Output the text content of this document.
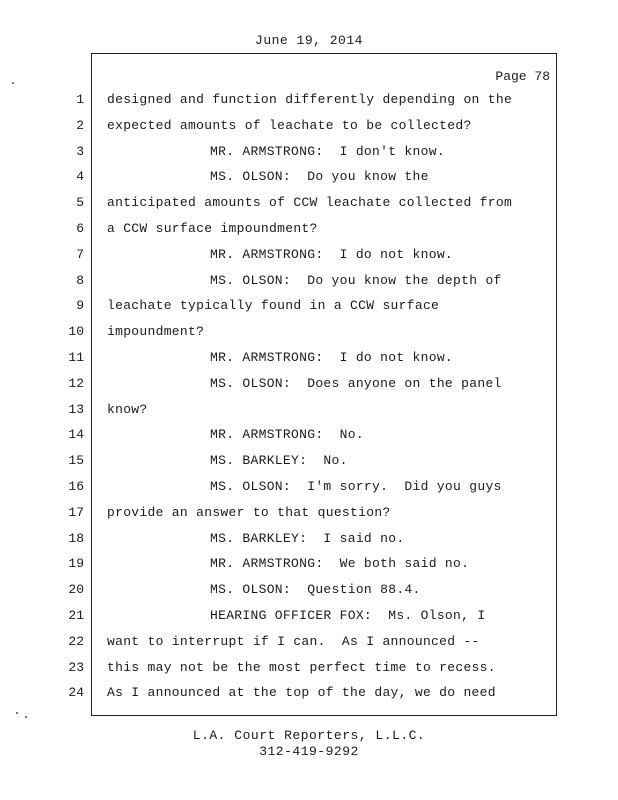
June 19, 2014
Page 78
1 designed and function differently depending on the
2 expected amounts of leachate to be collected?
3	MR. ARMSTRONG:  I don't know.
4	MS. OLSON:  Do you know the
5 anticipated amounts of CCW leachate collected from
6 a CCW surface impoundment?
7	MR. ARMSTRONG:  I do not know.
8	MS. OLSON:  Do you know the depth of
9 leachate typically found in a CCW surface
10 impoundment?
11	MR. ARMSTRONG:  I do not know.
12	MS. OLSON:  Does anyone on the panel
13 know?
14	MR. ARMSTRONG:  No.
15	MS. BARKLEY:  No.
16	MS. OLSON:  I'm sorry.  Did you guys
17 provide an answer to that question?
18	MS. BARKLEY:  I said no.
19	MR. ARMSTRONG:  We both said no.
20	MS. OLSON:  Question 88.4.
21	HEARING OFFICER FOX:  Ms. Olson, I
22 want to interrupt if I can.  As I announced --
23 this may not be the most perfect time to recess.
24 As I announced at the top of the day, we do need
L.A. Court Reporters, L.L.C.
312-419-9292
